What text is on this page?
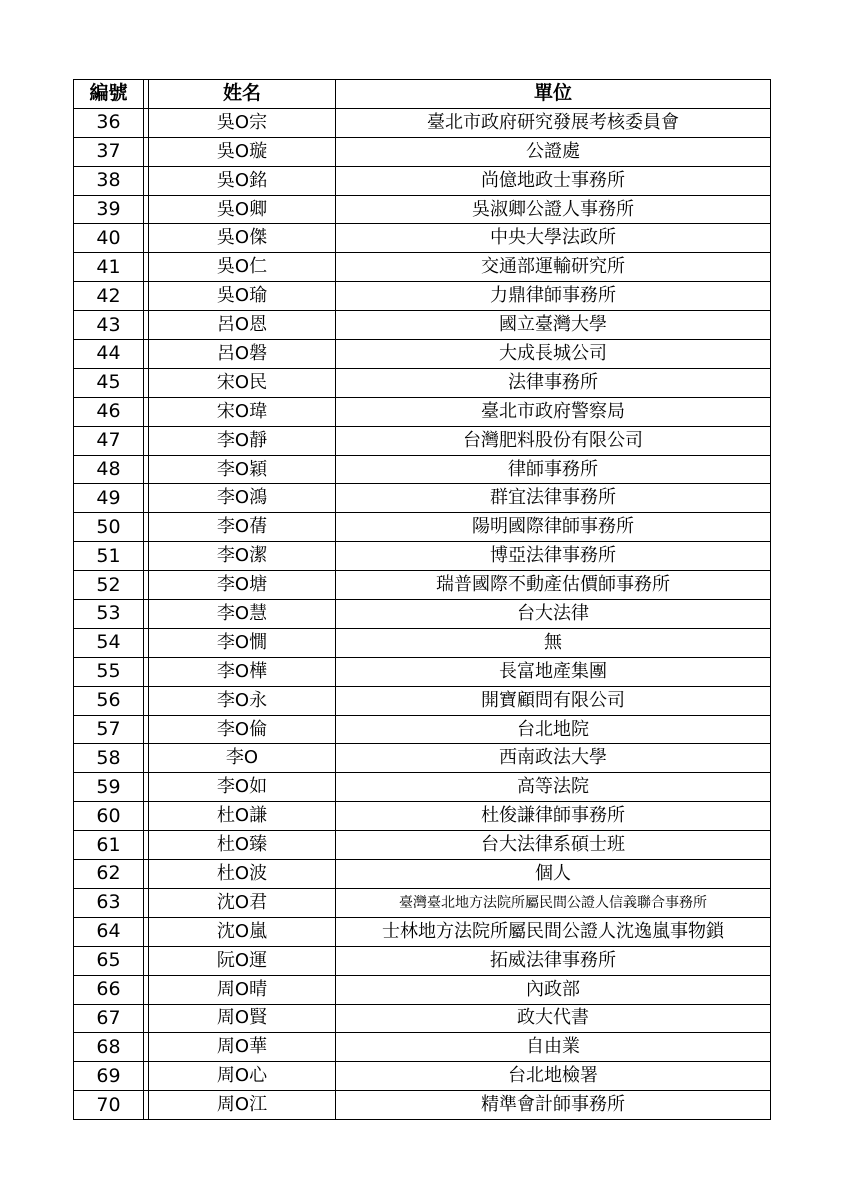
編號		姓名	單位
36		吳O宗	臺北市政府研究發展考核委員會
37		吳O璇	公證處
38		吳O銘	尚億地政士事務所
39		吳O卿	吳淑卿公證人事務所
40		吳O傑	中央大學法政所
41		吳O仁	交通部運輸研究所
42		吳O瑜	力鼎律師事務所
43		呂O恩	國立臺灣大學
44		呂O磐	大成長城公司
45		宋O民	法律事務所
46		宋O瑋	臺北市政府警察局
47		李O靜	台灣肥料股份有限公司
48		李O穎	律師事務所
49		李O鴻	群宜法律事務所
50		李O蒨	陽明國際律師事務所
51		李O潔	博亞法律事務所
52		李O塘	瑞普國際不動產估價師事務所
53		李O慧	台大法律
54		李O憪	無
55		李O樺	長富地產集團
56		李O永	開寶顧問有限公司
57		李O倫	台北地院
58		李O	西南政法大學
59		李O如	高等法院
60		杜O謙	杜俊謙律師事務所
61		杜O臻	台大法律系碩士班
62		杜O波	個人
63		沈O君	臺灣臺北地方法院所屬民間公證人信義聯合事務所
64		沈O嵐	士林地方法院所屬民間公證人沈逸嵐事物鎖
65		阮O運	拓威法律事務所
66		周O晴	內政部
67		周O賢	政大代書
68		周O華	自由業
69		周O心	台北地檢署
70		周O江	精準會計師事務所
